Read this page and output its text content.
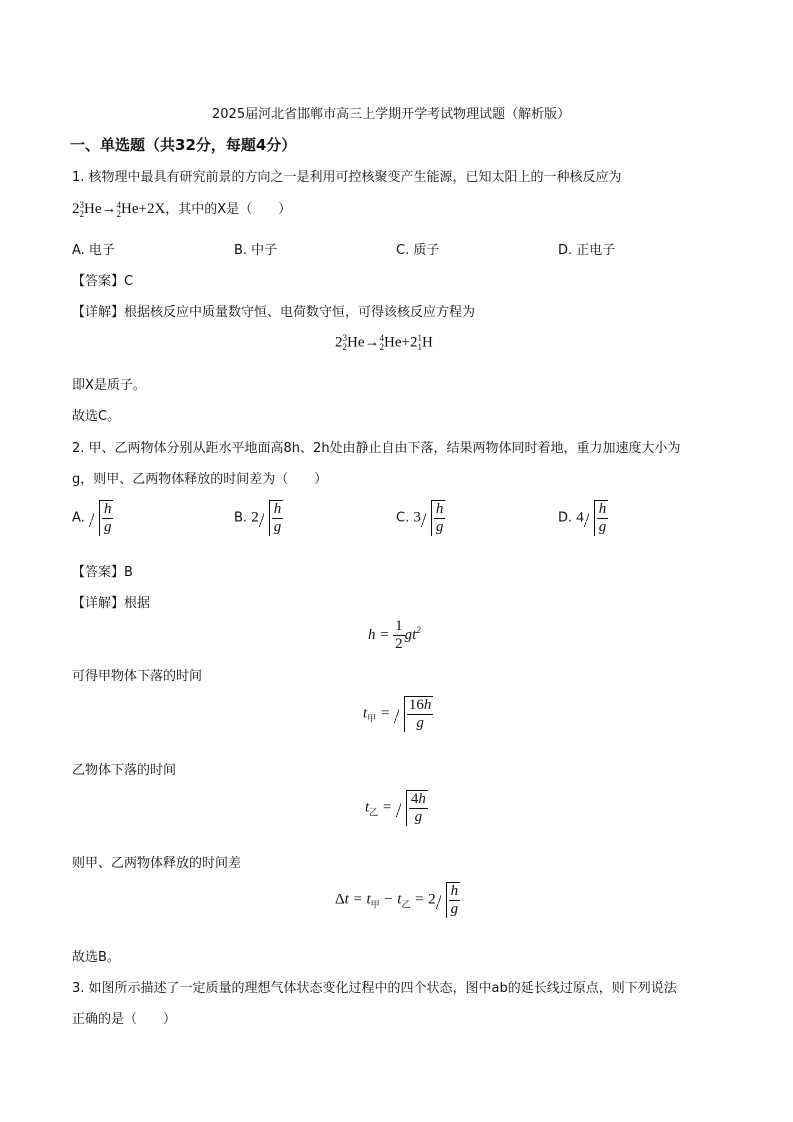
2025届河北省邯郸市高三上学期开学考试物理试题（解析版）
一、单选题（共32分，每题4分）
1. 核物理中最具有研究前景的方向之一是利用可控核聚变产生能源，已知太阳上的一种核反应为
2 3
2 He→ 4
2 He+2X，其中的X是（　　）
A. 电子	B. 中子	C. 质子	D. 正电子
【答案】C
【详解】根据核反应中质量数守恒、电荷数守恒，可得该核反应方程为
2 3
2 He→ 4
2 He+2 1
1 H
即X是质子。
故选C。
2. 甲、乙两物体分别从距水平地面高8h、2h处由静止自由下落，结果两物体同时着地，重力加速度大小为
g，则甲、乙两物体释放的时间差为（　　）
A. $\frac{h}{g}$	B. $2 \frac{h}{g}$	C. $3 \frac{h}{g}$	D. $4 \frac{h}{g}$
【答案】B
【详解】根据
$h = \frac{1}{2} gt^2$
可得甲物体下落的时间
$t_甲 = \frac{16h}{g}$
乙物体下落的时间
$t_乙 = \frac{4h}{g}$
则甲、乙两物体释放的时间差
$\Delta t = t_甲 - t_乙 = 2 \frac{h}{g}$
故选B。
3. 如图所示描述了一定质量的理想气体状态变化过程中的四个状态，图中ab的延长线过原点，则下列说法
正确的是（　　）
